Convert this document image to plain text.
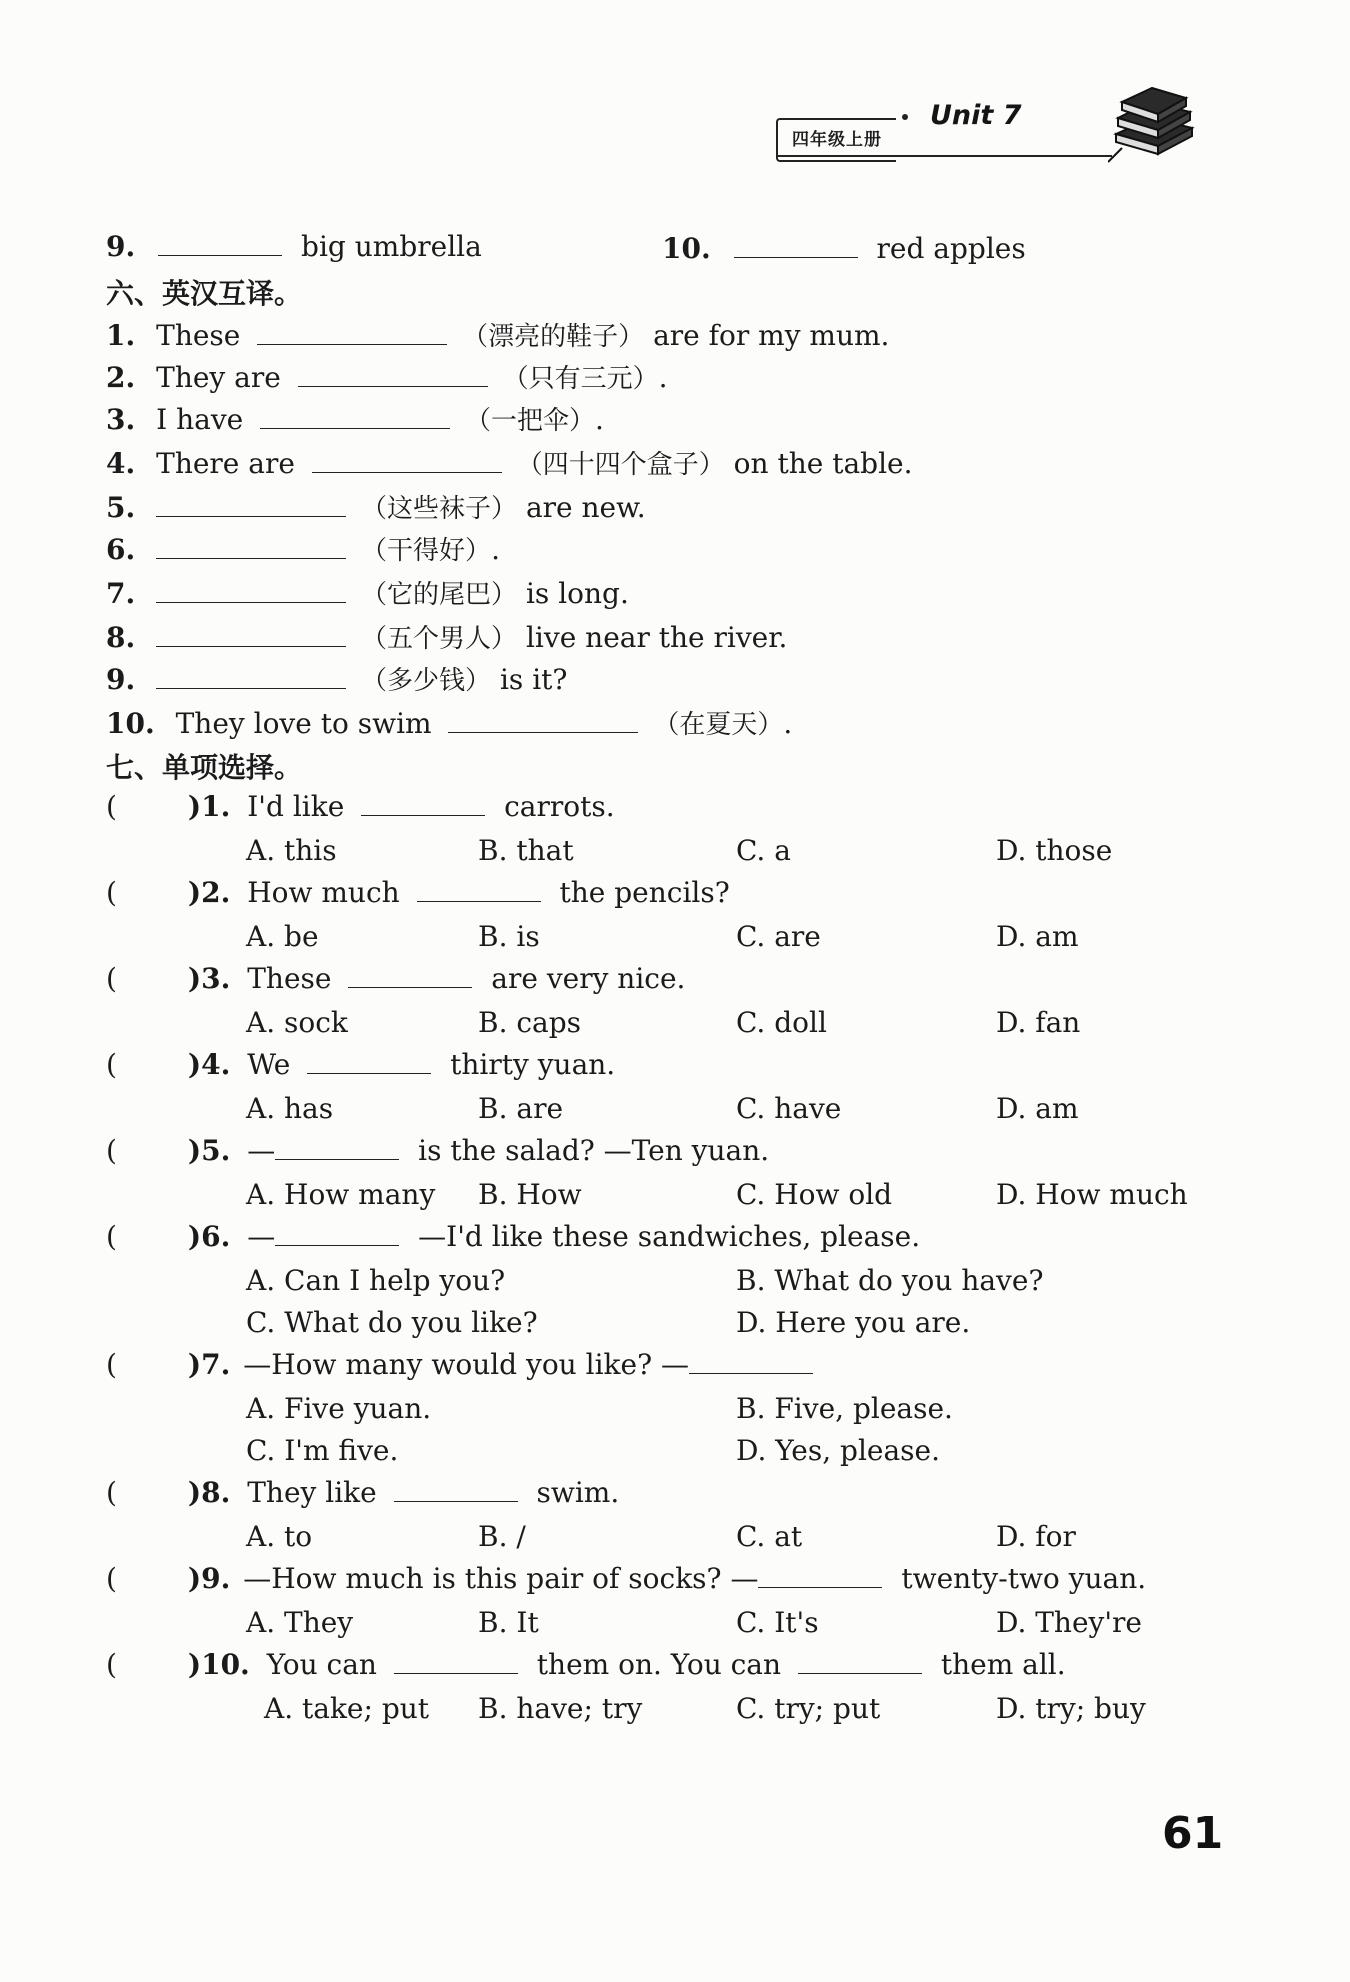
四年级上册
Unit 7
9.	big umbrella	10.	red apples
六、英汉互译。
1. These	（漂亮的鞋子） are for my mum.
2. They are	（只有三元）.
3. I have	（一把伞）.
4. There are	（四十四个盒子） on the table.
5.	（这些袜子） are new.
6.	（干得好）.
7.	（它的尾巴） is long.
8.	（五个男人） live near the river.
9.	（多少钱） is it?
10. They love to swim	（在夏天）.
七、单项选择。
(	)1. I'd like	carrots.
A. this	B. that	C. a	D. those
(	)2. How much	the pencils?
A. be	B. is	C. are	D. am
(	)3. These	are very nice.
A. sock	B. caps	C. doll	D. fan
(	)4. We	thirty yuan.
A. has	B. are	C. have	D. am
(	)5. —	is the salad? —Ten yuan.
A. How many B. How	C. How old	D. How much
(	)6. —	—I'd like these sandwiches, please.
A. Can I help you?	B. What do you have?
C. What do you like?	D. Here you are.
(	)7. —How many would you like? —
A. Five yuan.	B. Five, please.
C. I'm five.	D. Yes, please.
(	)8. They like	swim.
A. to	B. /	C. at	D. for
(	)9. —How much is this pair of socks? —	twenty-two yuan.
A. They	B. It	C. It's	D. They're
(	)10. You can	them on. You can	them all.
A. take; put B. have; try	C. try; put	D. try; buy
61
